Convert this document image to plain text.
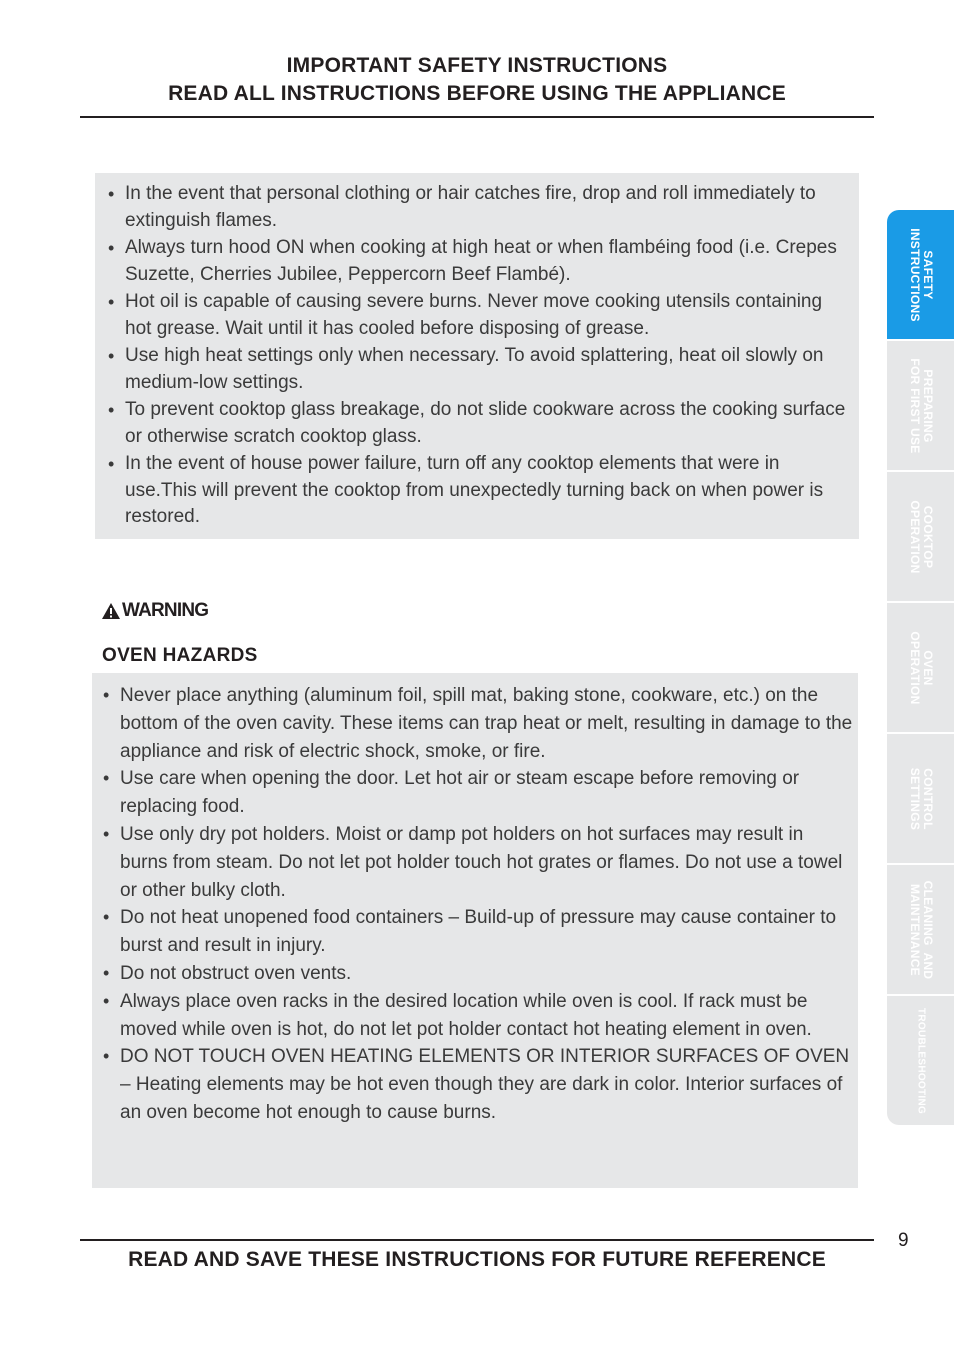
IMPORTANT SAFETY INSTRUCTIONS
READ ALL INSTRUCTIONS BEFORE USING THE APPLIANCE
• In the event that personal clothing or hair catches fire, drop and roll immediately to extinguish flames.
• Always turn hood ON when cooking at high heat or when flambéing food (i.e. Crepes Suzette, Cherries Jubilee, Peppercorn Beef Flambé).
• Hot oil is capable of causing severe burns. Never move cooking utensils containing hot grease. Wait until it has cooled before disposing of grease.
• Use high heat settings only when necessary. To avoid splattering, heat oil slowly on medium-low settings.
• To prevent cooktop glass breakage, do not slide cookware across the cooking surface or otherwise scratch cooktop glass.
• In the event of house power failure, turn off any cooktop elements that were in use.This will prevent the cooktop from unexpectedly turning back on when power is restored.
WARNING
OVEN HAZARDS
• Never place anything (aluminum foil, spill mat, baking stone, cookware, etc.) on the bottom of the oven cavity. These items can trap heat or melt, resulting in damage to the appliance and risk of electric shock, smoke, or fire.
• Use care when opening the door. Let hot air or steam escape before removing or replacing food.
• Use only dry pot holders. Moist or damp pot holders on hot surfaces may result in burns from steam. Do not let pot holder touch hot grates or flames. Do not use a towel or other bulky cloth.
• Do not heat unopened food containers – Build-up of pressure may cause container to burst and result in injury.
• Do not obstruct oven vents.
• Always place oven racks in the desired location while oven is cool. If rack must be moved while oven is hot, do not let pot holder contact hot heating element in oven.
• DO NOT TOUCH OVEN HEATING ELEMENTS OR INTERIOR SURFACES OF OVEN – Heating elements may be hot even though they are dark in color. Interior surfaces of an oven become hot enough to cause burns.
SAFETY
INSTRUCTIONS
PREPARING
FOR FIRST USE
COOKTOP
OPERATION
OVEN
OPERATION
CONTROL
SETTINGS
CLEANING  AND
MAINTENANCE
TROUBLESHOOTING
9
READ AND SAVE THESE INSTRUCTIONS FOR FUTURE REFERENCE
